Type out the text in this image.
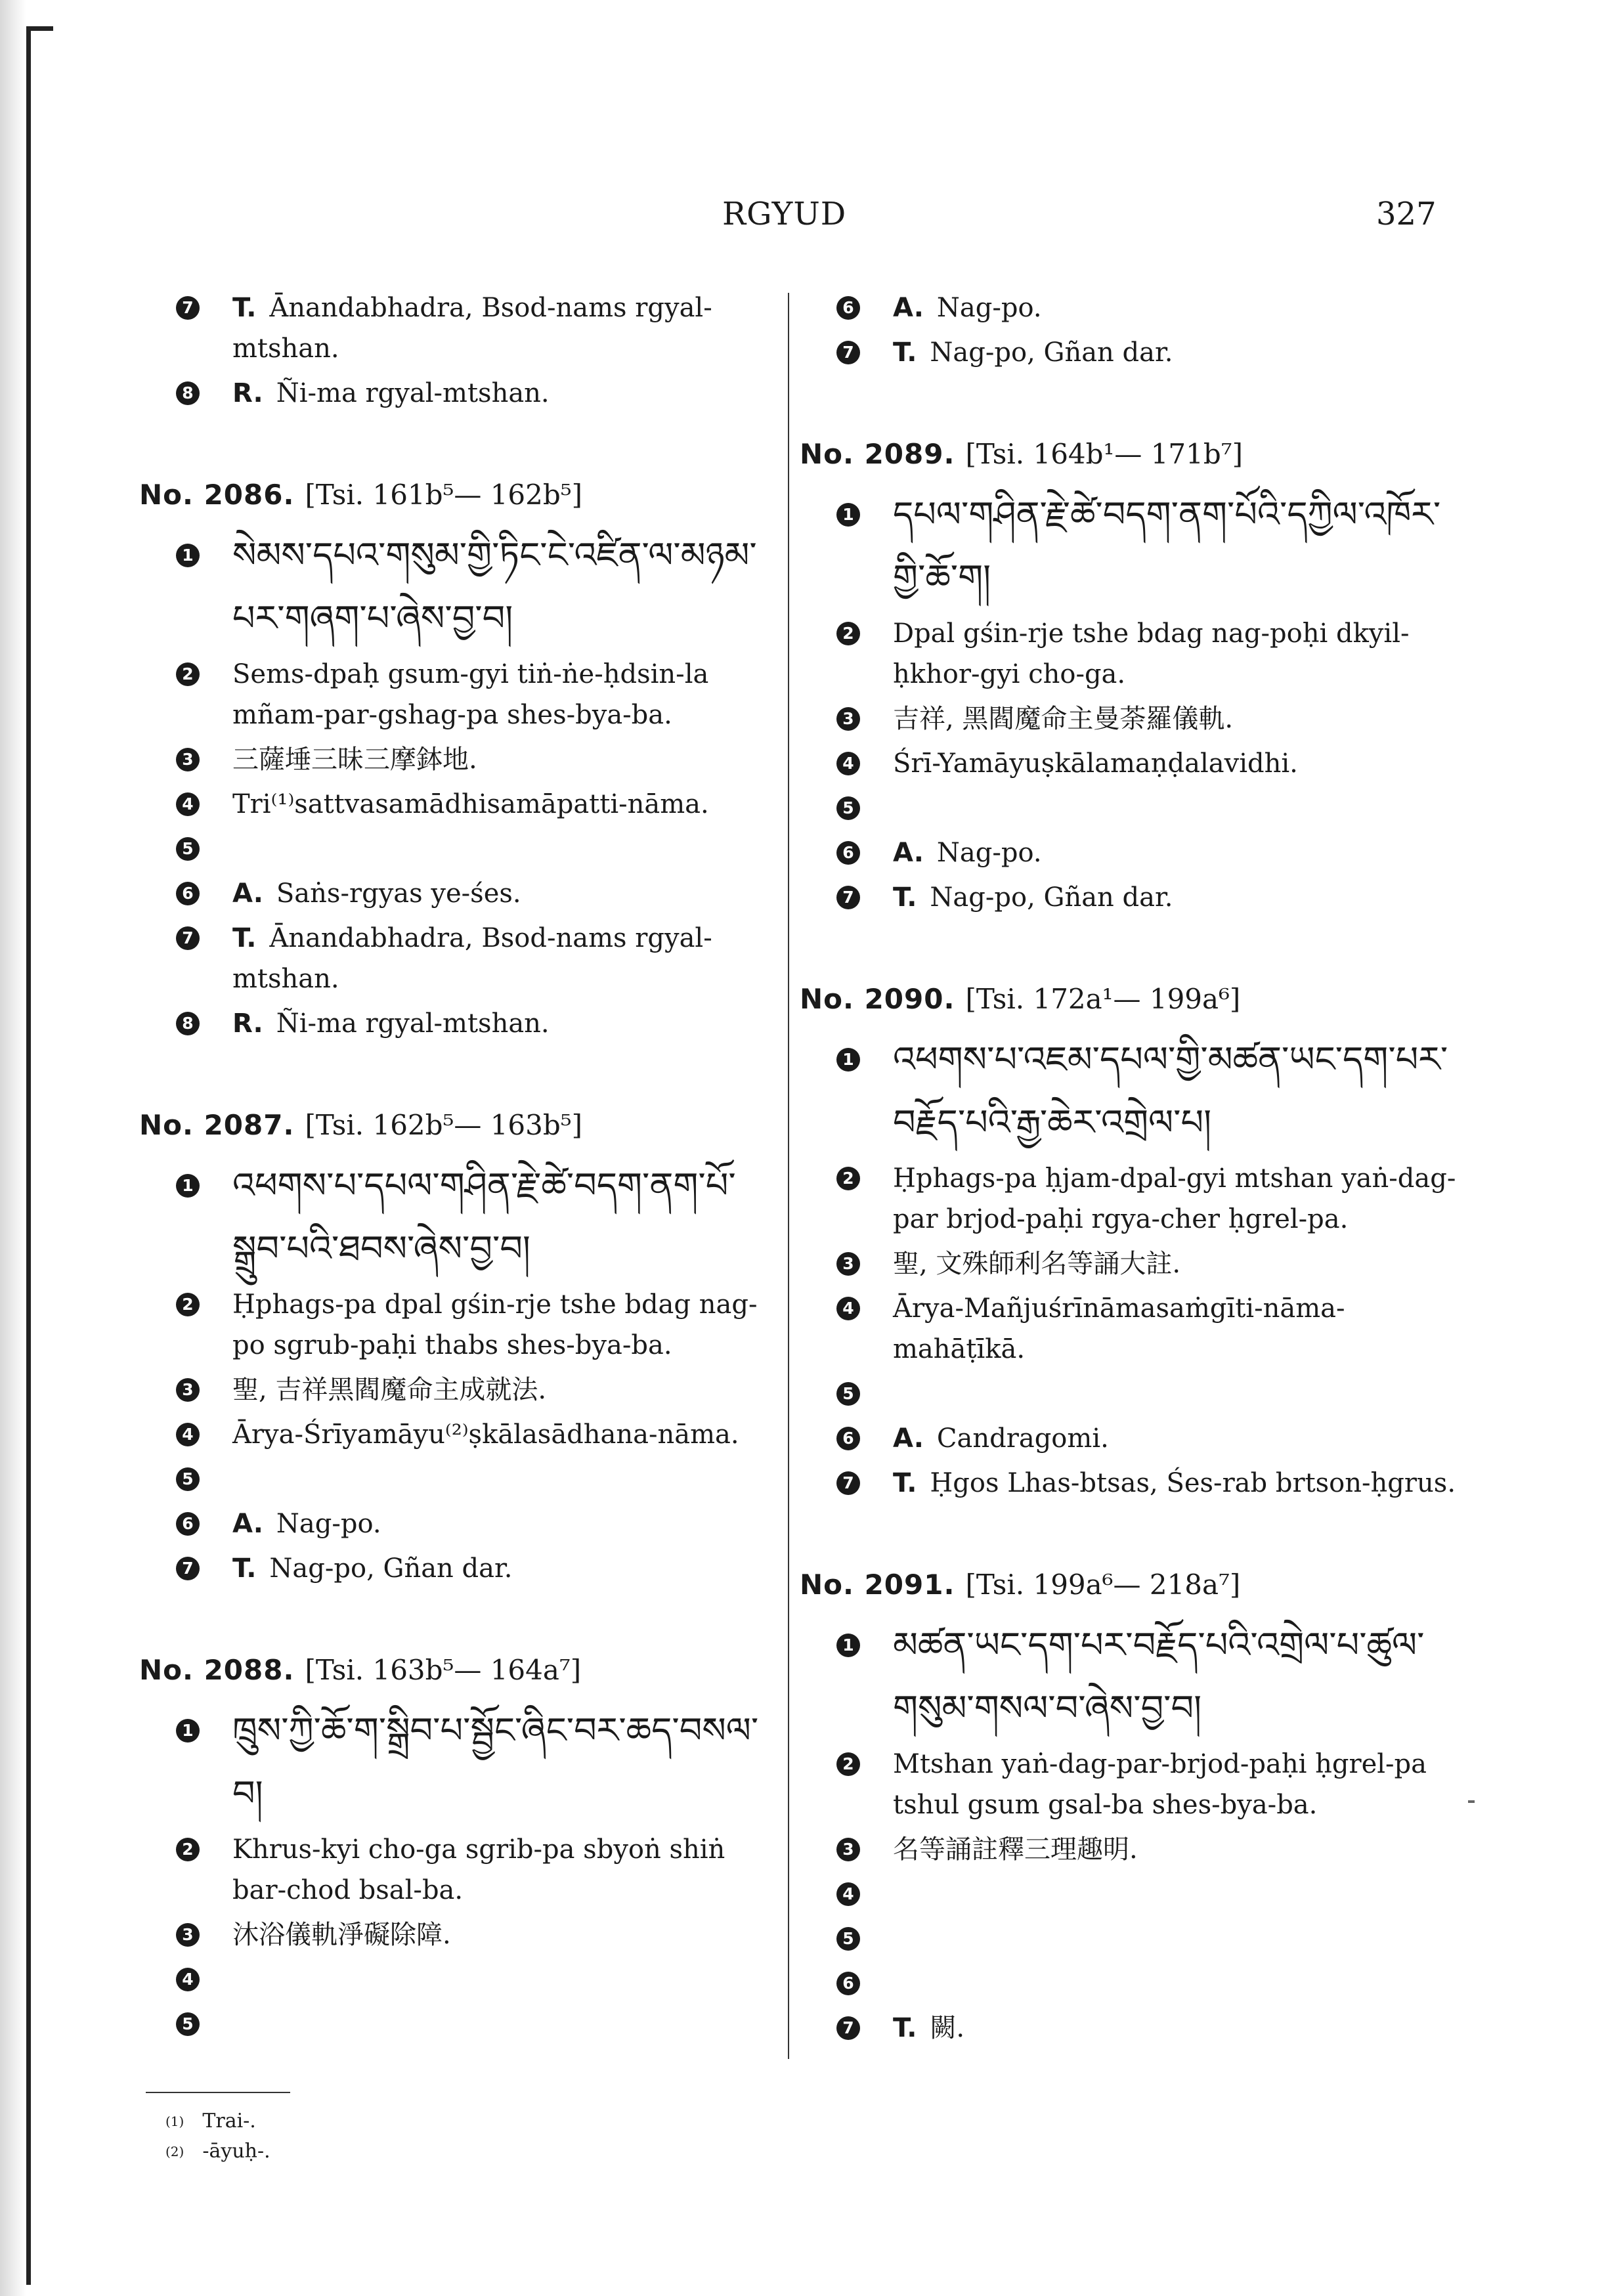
RGYUD	327
7 T. Ānandabhadra, Bsod-nams rgyal-mtshan.
8 R. Ñi-ma rgyal-mtshan.
No. 2086. [Tsi. 161b⁵— 162b⁵]
1 སེམས་དཔའ་གསུམ་གྱི་ཏིང་ངེ་འཛིན་ལ་མཉམ་པར་གཞག་པ་ཞེས་བྱ་བ།
2 Sems-dpaḥ gsum-gyi tiṅ-ṅe-ḥdsin-la mñam-par-gshag-pa shes-bya-ba.
3 三薩埵三昧三摩鉢地.
4 Tri⁽¹⁾sattvasamādhisamāpatti-nāma.
5
6 A. Saṅs-rgyas ye-śes.
7 T. Ānandabhadra, Bsod-nams rgyal-mtshan.
8 R. Ñi-ma rgyal-mtshan.
No. 2087. [Tsi. 162b⁵— 163b⁵]
1 འཕགས་པ་དཔལ་གཤིན་རྗེ་ཚེ་བདག་ནག་པོ་སྒྲུབ་པའི་ཐབས་ཞེས་བྱ་བ།
2 Ḥphags-pa dpal gśin-rje tshe bdag nag-po sgrub-paḥi thabs shes-bya-ba.
3 聖, 吉祥黑閻魔命主成就法.
4 Ārya-Śrīyamāyu⁽²⁾ṣkālasādhana-nāma.
5
6 A. Nag-po.
7 T. Nag-po, Gñan dar.
No. 2088. [Tsi. 163b⁵— 164a⁷]
1 ཁྲུས་ཀྱི་ཆོ་ག་སྒྲིབ་པ་སྦྱོང་ཞིང་བར་ཆད་བསལ་བ།
2 Khrus-kyi cho-ga sgrib-pa sbyoṅ shiṅ bar-chod bsal-ba.
3 沐浴儀軌淨礙除障.
4
5
$^{(1)}$ Trai-.
$^{(2)}$ -āyuḥ-.
6 A. Nag-po.
7 T. Nag-po, Gñan dar.
No. 2089. [Tsi. 164b¹— 171b⁷]
1 དཔལ་གཤིན་རྗེ་ཚེ་བདག་ནག་པོའི་དཀྱིལ་འཁོར་གྱི་ཆོ་ག།
2 Dpal gśin-rje tshe bdag nag-poḥi dkyil-ḥkhor-gyi cho-ga.
3 吉祥, 黑閻魔命主曼荼羅儀軌.
4 Śrī-Yamāyuṣkālamaṇḍalavidhi.
5
6 A. Nag-po.
7 T. Nag-po, Gñan dar.
No. 2090. [Tsi. 172a¹— 199a⁶]
1 འཕགས་པ་འཇམ་དཔལ་གྱི་མཚན་ཡང་དག་པར་བརྗོད་པའི་རྒྱ་ཆེར་འགྲེལ་པ།
2 Ḥphags-pa ḥjam-dpal-gyi mtshan yaṅ-dag-par brjod-paḥi rgya-cher ḥgrel-pa.
3 聖, 文殊師利名等誦大註.
4 Ārya-Mañjuśrīnāmasaṁgīti-nāma-mahāṭīkā.
5
6 A. Candragomi.
7 T. Ḥgos Lhas-btsas, Śes-rab brtson-ḥgrus.
No. 2091. [Tsi. 199a⁶— 218a⁷]
1 མཚན་ཡང་དག་པར་བརྗོད་པའི་འགྲེལ་པ་ཚུལ་གསུམ་གསལ་བ་ཞེས་བྱ་བ།
2 Mtshan yaṅ-dag-par-brjod-paḥi ḥgrel-pa tshul gsum gsal-ba shes-bya-ba.
3 名等誦註釋三理趣明.
4
5
6
7 T. 闕.
